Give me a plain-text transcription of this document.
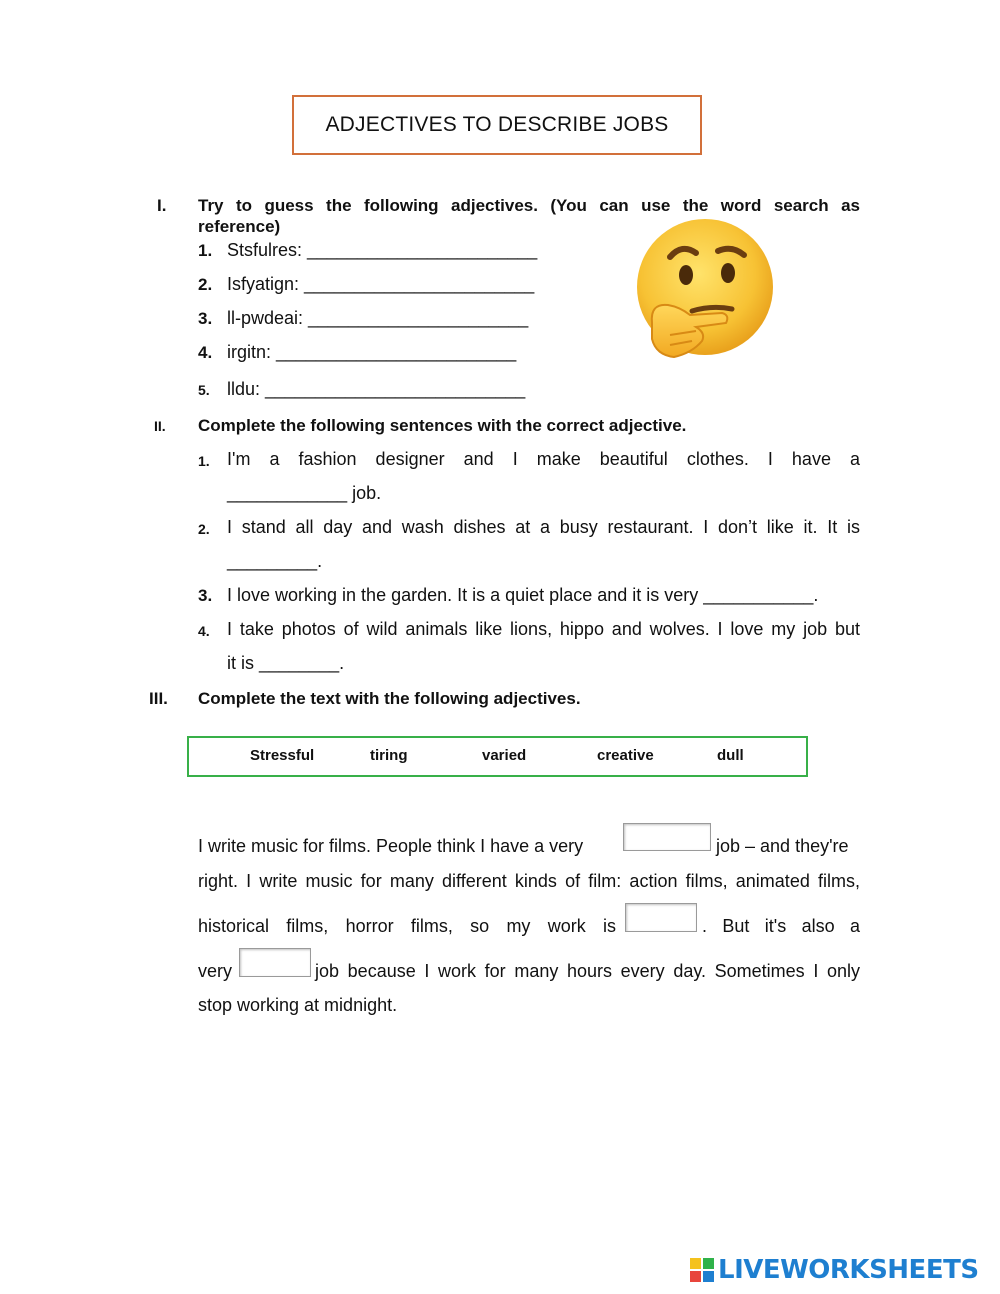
ADJECTIVES TO DESCRIBE JOBS
I. Try to guess the following adjectives. (You can use the word search as
reference)
1. Stsfulres: _______________________
2. Isfyatign: _______________________
3. ll-pwdeai: ______________________
4. irgitn: ________________________
5. lldu: __________________________
II. Complete the following sentences with the correct adjective.
1. I'm a fashion designer and I make beautiful clothes. I have a
____________ job.
2. I stand all day and wash dishes at a busy restaurant. I don’t like it. It is
_________.
3. I love working in the garden. It is a quiet place and it is very ___________.
4. I take photos of wild animals like lions, hippo and wolves. I love my job but
it is ________.
III. Complete the text with the following adjectives.
Stressful	tiring	varied	creative	dull
I write music for films. People think I have a very	job – and they're
right. I write music for many different kinds of film: action films, animated films,
historical films, horror films, so my work is	. But it's also a
very	job because I work for many hours every day. Sometimes I only
stop working at midnight.
LIVEWORKSHEETS
